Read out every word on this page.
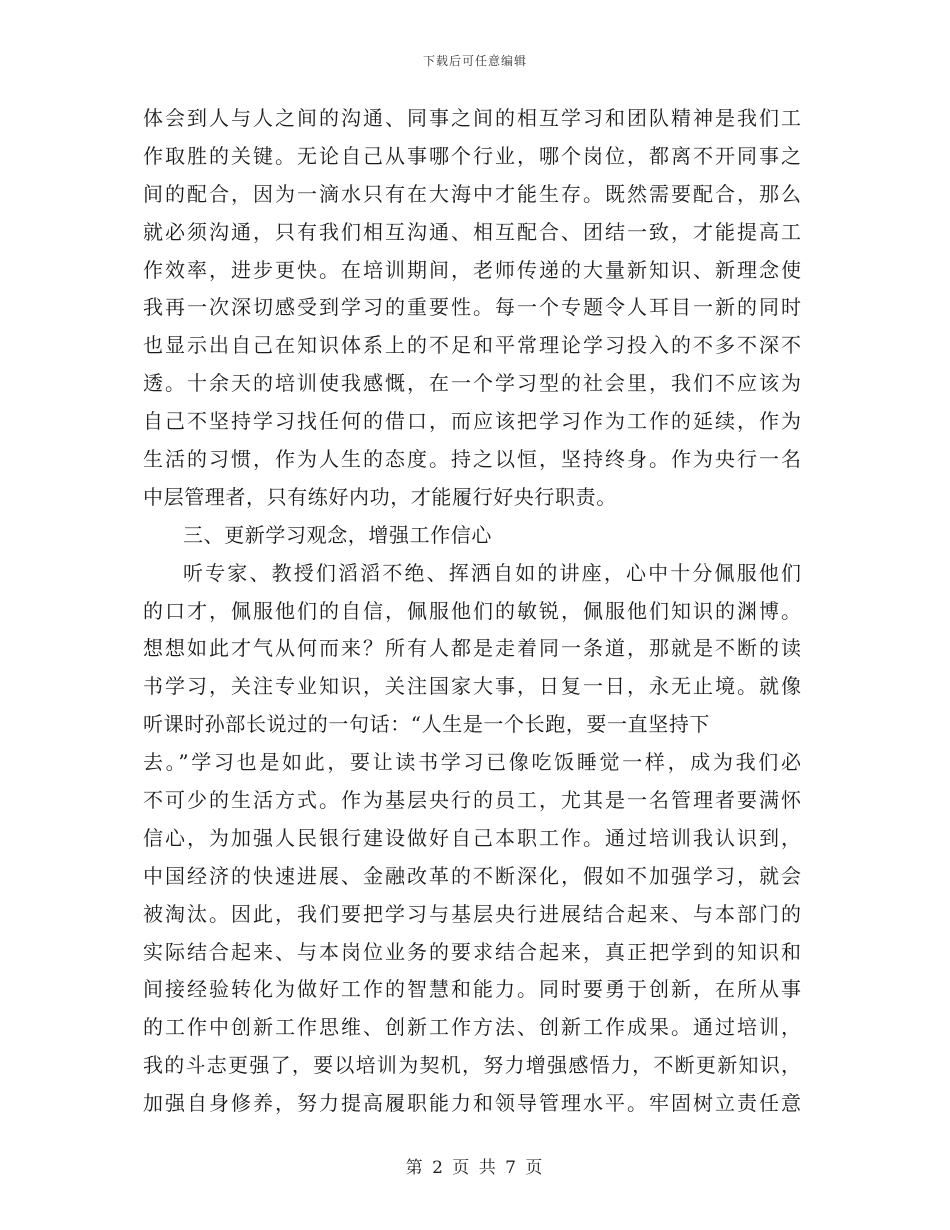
下载后可任意编辑
体会到人与人之间的沟通、同事之间的相互学习和团队精神是我们工
作取胜的关键。无论自己从事哪个行业，哪个岗位，都离不开同事之
间的配合，因为一滴水只有在大海中才能生存。既然需要配合，那么
就必须沟通，只有我们相互沟通、相互配合、团结一致，才能提高工
作效率，进步更快。在培训期间，老师传递的大量新知识、新理念使
我再一次深切感受到学习的重要性。每一个专题令人耳目一新的同时
也显示出自己在知识体系上的不足和平常理论学习投入的不多不深不
透。十余天的培训使我感慨，在一个学习型的社会里，我们不应该为
自己不坚持学习找任何的借口，而应该把学习作为工作的延续，作为
生活的习惯，作为人生的态度。持之以恒，坚持终身。作为央行一名
中层管理者，只有练好内功，才能履行好央行职责。
三、更新学习观念，增强工作信心
听专家、教授们滔滔不绝、挥洒自如的讲座，心中十分佩服他们
的口才，佩服他们的自信，佩服他们的敏锐，佩服他们知识的渊博。
想想如此才气从何而来？所有人都是走着同一条道，那就是不断的读
书学习，关注专业知识，关注国家大事，日复一日，永无止境。就像
听课时孙部长说过的一句话：“人生是一个长跑，要一直坚持下
去。”学习也是如此，要让读书学习已像吃饭睡觉一样，成为我们必
不可少的生活方式。作为基层央行的员工，尤其是一名管理者要满怀
信心，为加强人民银行建设做好自己本职工作。通过培训我认识到，
中国经济的快速进展、金融改革的不断深化，假如不加强学习，就会
被淘汰。因此，我们要把学习与基层央行进展结合起来、与本部门的
实际结合起来、与本岗位业务的要求结合起来，真正把学到的知识和
间接经验转化为做好工作的智慧和能力。同时要勇于创新，在所从事
的工作中创新工作思维、创新工作方法、创新工作成果。通过培训，
我的斗志更强了，要以培训为契机，努力增强感悟力，不断更新知识，
加强自身修养，努力提高履职能力和领导管理水平。牢固树立责任意
第 2 页 共 7 页
